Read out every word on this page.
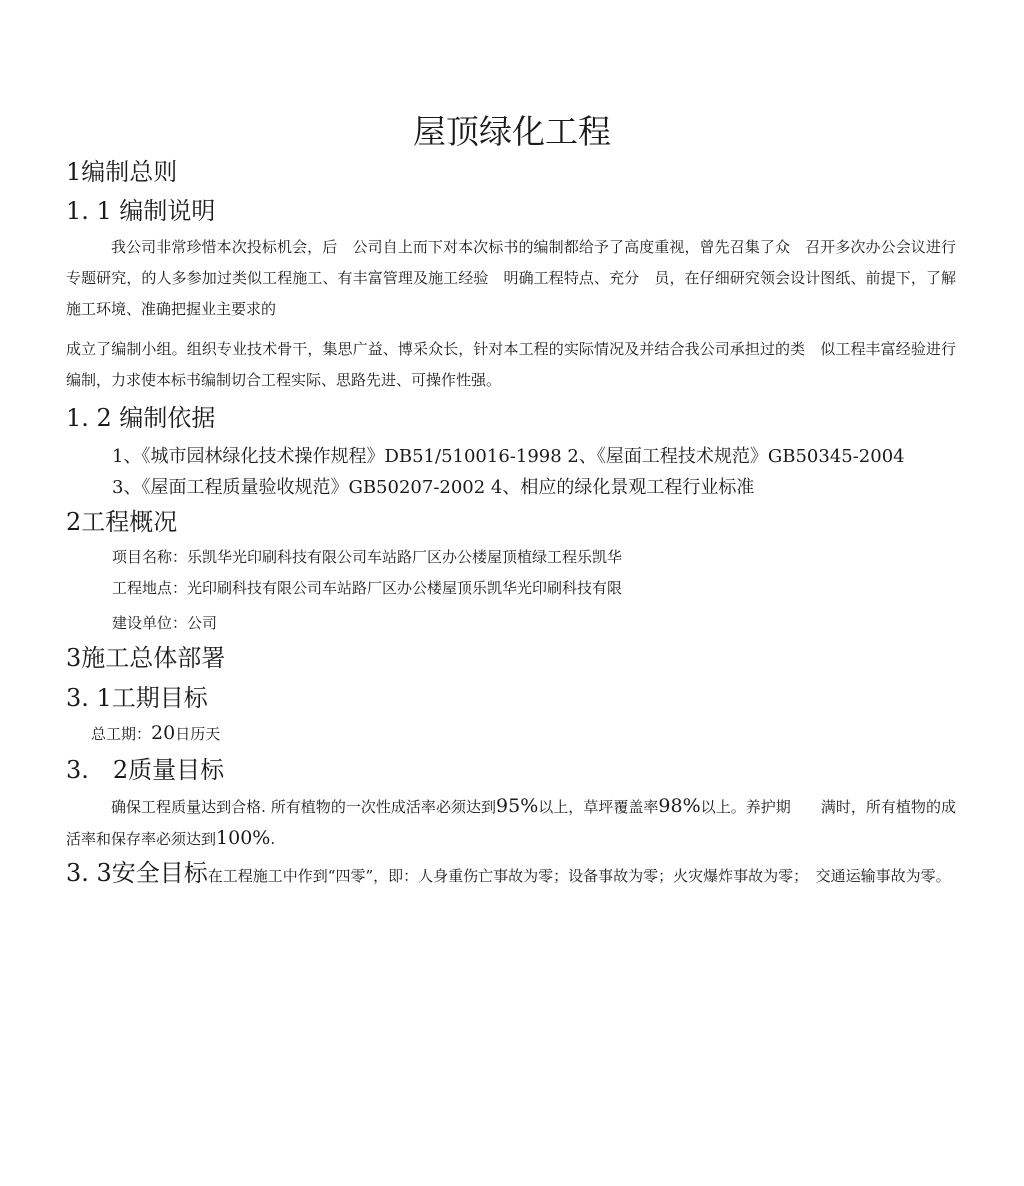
屋顶绿化工程
1编制总则
1. 1 编制说明

我公司非常珍惜本次投标机会，后　公司自上而下对本次标书的编制都给予了高度重视，曾先召集了众　召开多次办公会议进行专题研究，的人多参加过类似工程施工、有丰富管理及施工经验　明确工程特点、充分　员，在仔细研究领会设计图纸、前提下，了解施工环境、准确把握业主要求的

成立了编制小组。组织专业技术骨干，集思广益、博采众长，针对本工程的实际情况及并结合我公司承担过的类　似工程丰富经验进行编制，力求使本标书编制切合工程实际、思路先进、可操作性强。

1. 2 编制依据

1、《城市园林绿化技术操作规程》DB51/510016-1998 2、《屋面工程技术规范》GB50345-2004

3、《屋面工程质量验收规范》GB50207-2002 4、相应的绿化景观工程行业标准

2工程概况

项目名称：乐凯华光印刷科技有限公司车站路厂区办公楼屋顶植绿工程乐凯华

工程地点：光印刷科技有限公司车站路厂区办公楼屋顶乐凯华光印刷科技有限

建设单位：公司

3施工总体部署
3. 1工期目标

总工期：20日历天

3.　2质量目标

确保工程质量达到合格. 所有植物的一次性成活率必须达到95%以上，草坪覆盖率98%以上。养护期　　满时，所有植物的成活率和保存率必须达到100%.

3. 3安全目标在工程施工中作到“四零”，即：人身重伤亡事故为零；设备事故为零；火灾爆炸事故为零；　交通运输事故为零。
